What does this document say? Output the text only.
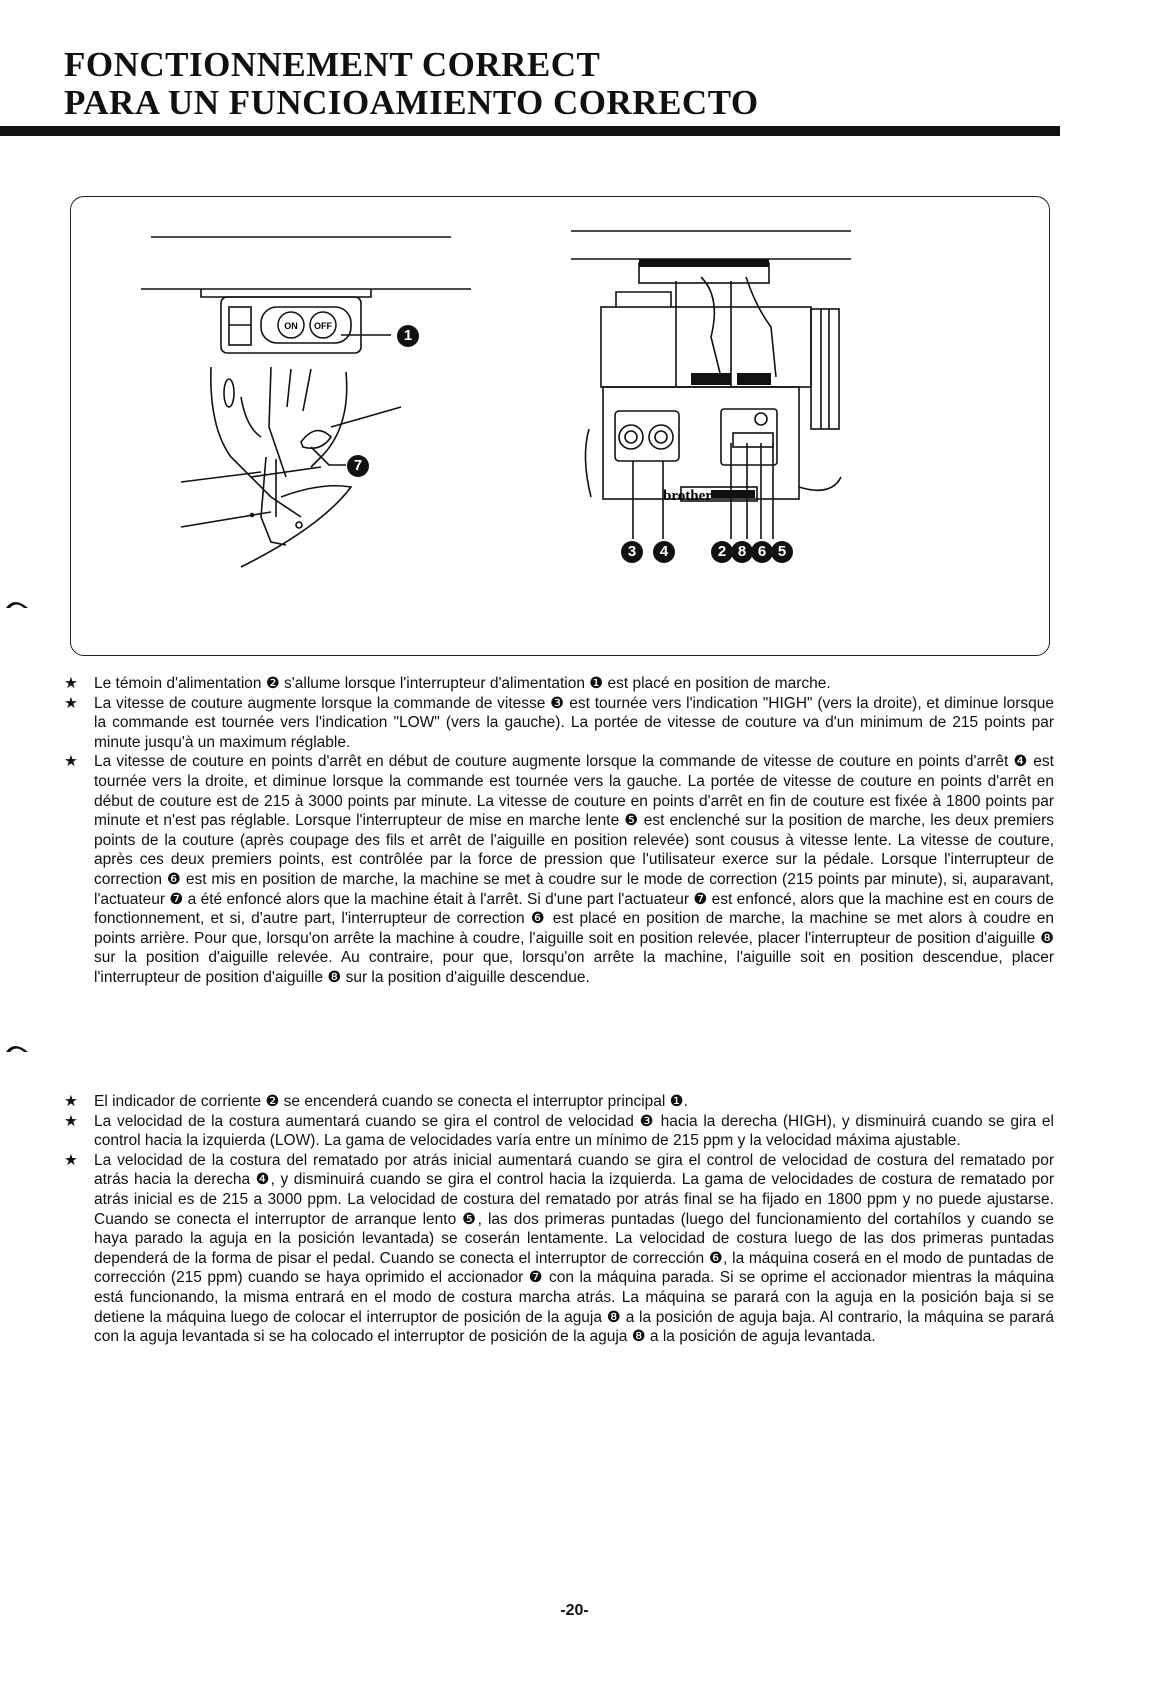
FONCTIONNEMENT CORRECT
PARA UN FUNCIOAMIENTO CORRECTO
ON OFF
brother
1
7
3	4	2 8 6 5

★ Le témoin d'alimentation ❷ s'allume lorsque l'interrupteur d'alimentation ❶ est placé en position de marche.

★ La vitesse de couture augmente lorsque la commande de vitesse ❸ est tournée vers l'indication "HIGH" (vers la droite), et diminue lorsque la commande est tournée vers l'indication "LOW" (vers la gauche). La portée de vitesse de couture va d'un minimum de 215 points par minute jusqu'à un maximum réglable.

★ La vitesse de couture en points d'arrêt en début de couture augmente lorsque la commande de vitesse de couture en points d'arrêt ❹ est tournée vers la droite, et diminue lorsque la commande est tournée vers la gauche. La portée de vitesse de couture en points d'arrêt en début de couture est de 215 à 3000 points par minute. La vitesse de couture en points d'arrêt en fin de couture est fixée à 1800 points par minute et n'est pas réglable. Lorsque l'interrupteur de mise en marche lente ❺ est enclenché sur la position de marche, les deux premiers points de la couture (après coupage des fils et arrêt de l'aiguille en position relevée) sont cousus à vitesse lente. La vitesse de couture, après ces deux premiers points, est contrôlée par la force de pression que l'utilisateur exerce sur la pédale. Lorsque l'interrupteur de correction ❻ est mis en position de marche, la machine se met à coudre sur le mode de correction (215 points par minute), si, auparavant, l'actuateur ❼ a été enfoncé alors que la machine était à l'arrêt. Si d'une part l'actuateur ❼ est enfoncé, alors que la machine est en cours de fonctionnement, et si, d'autre part, l'interrupteur de correction ❻ est placé en position de marche, la machine se met alors à coudre en points arrière. Pour que, lorsqu'on arrête la machine à coudre, l'aiguille soit en position relevée, placer l'interrupteur de position d'aiguille ❽ sur la position d'aiguille relevée. Au contraire, pour que, lorsqu'on arrête la machine, l'aiguille soit en position descendue, placer l'interrupteur de position d'aiguille ❽ sur la position d'aiguille descendue.

★ El indicador de corriente ❷ se encenderá cuando se conecta el interruptor principal ❶.

★ La velocidad de la costura aumentará cuando se gira el control de velocidad ❸ hacia la derecha (HIGH), y disminuirá cuando se gira el control hacia la izquierda (LOW). La gama de velocidades varía entre un mínimo de 215 ppm y la velocidad máxima ajustable.

★ La velocidad de la costura del rematado por atrás inicial aumentará cuando se gira el control de velocidad de costura del rematado por atrás hacia la derecha ❹, y disminuirá cuando se gira el control hacia la izquierda. La gama de velocidades de costura de rematado por atrás inicial es de 215 a 3000 ppm. La velocidad de costura del rematado por atrás final se ha fijado en 1800 ppm y no puede ajustarse. Cuando se conecta el interruptor de arranque lento ❺, las dos primeras puntadas (luego del funcionamiento del cortahílos y cuando se haya parado la aguja en la posición levantada) se coserán lentamente. La velocidad de costura luego de las dos primeras puntadas dependerá de la forma de pisar el pedal. Cuando se conecta el interruptor de corrección ❻, la máquina coserá en el modo de puntadas de corrección (215 ppm) cuando se haya oprimido el accionador ❼ con la máquina parada. Si se oprime el accionador mientras la máquina está funcionando, la misma entrará en el modo de costura marcha atrás. La máquina se parará con la aguja en la posición baja si se detiene la máquina luego de colocar el interruptor de posición de la aguja ❽ a la posición de aguja baja. Al contrario, la máquina se parará con la aguja levantada si se ha colocado el interruptor de posición de la aguja ❽ a la posición de aguja levantada.

-20-
